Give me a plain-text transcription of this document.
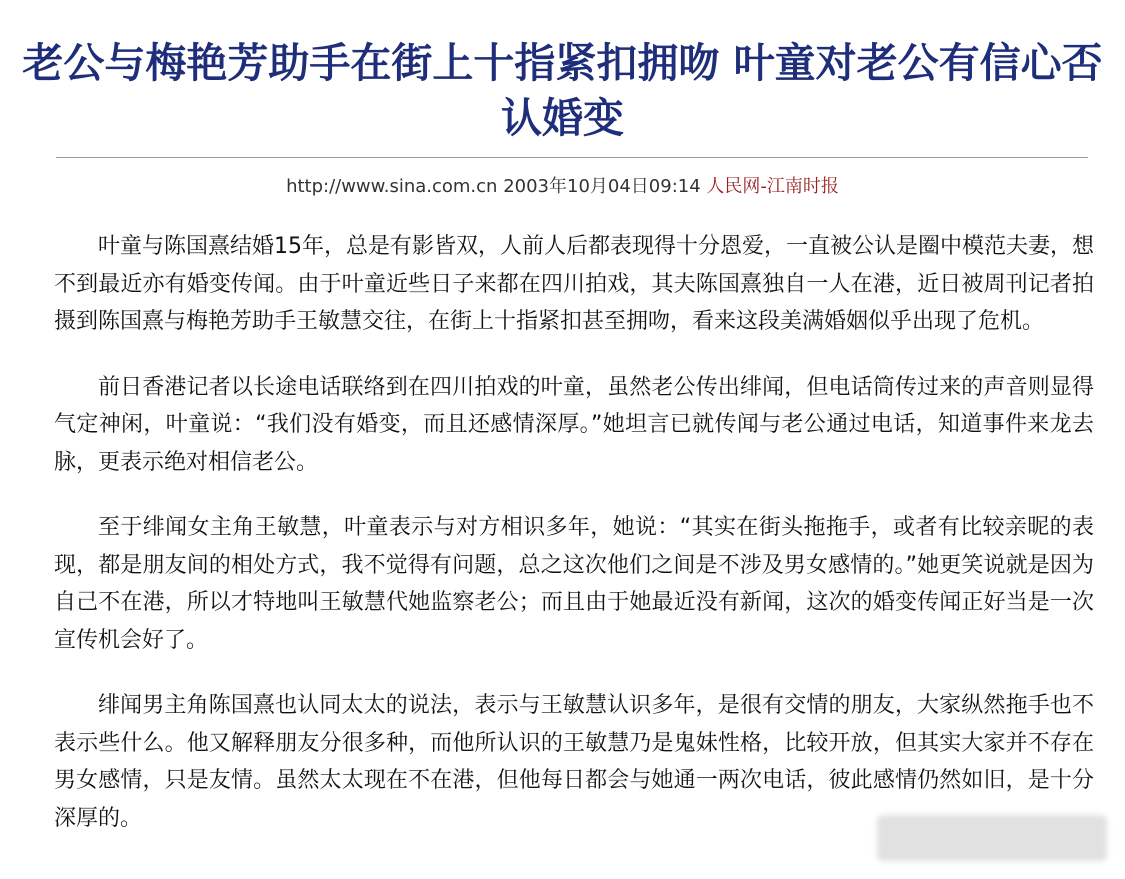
老公与梅艳芳助手在街上十指紧扣拥吻 叶童对老公有信心否认婚变
http://www.sina.com.cn 2003年10月04日09:14 人民网-江南时报

叶童与陈国熹结婚15年，总是有影皆双，人前人后都表现得十分恩爱，一直被公认是圈中模范夫妻，想不到最近亦有婚变传闻。由于叶童近些日子来都在四川拍戏，其夫陈国熹独自一人在港，近日被周刊记者拍摄到陈国熹与梅艳芳助手王敏慧交往，在街上十指紧扣甚至拥吻，看来这段美满婚姻似乎出现了危机。

前日香港记者以长途电话联络到在四川拍戏的叶童，虽然老公传出绯闻，但电话筒传过来的声音则显得气定神闲，叶童说：“我们没有婚变，而且还感情深厚。”她坦言已就传闻与老公通过电话，知道事件来龙去脉，更表示绝对相信老公。

至于绯闻女主角王敏慧，叶童表示与对方相识多年，她说：“其实在街头拖拖手，或者有比较亲昵的表现，都是朋友间的相处方式，我不觉得有问题，总之这次他们之间是不涉及男女感情的。”她更笑说就是因为自己不在港，所以才特地叫王敏慧代她监察老公；而且由于她最近没有新闻，这次的婚变传闻正好当是一次宣传机会好了。

绯闻男主角陈国熹也认同太太的说法，表示与王敏慧认识多年，是很有交情的朋友，大家纵然拖手也不表示些什么。他又解释朋友分很多种，而他所认识的王敏慧乃是鬼妹性格，比较开放，但其实大家并不存在男女感情，只是友情。虽然太太现在不在港，但他每日都会与她通一两次电话，彼此感情仍然如旧，是十分深厚的。
